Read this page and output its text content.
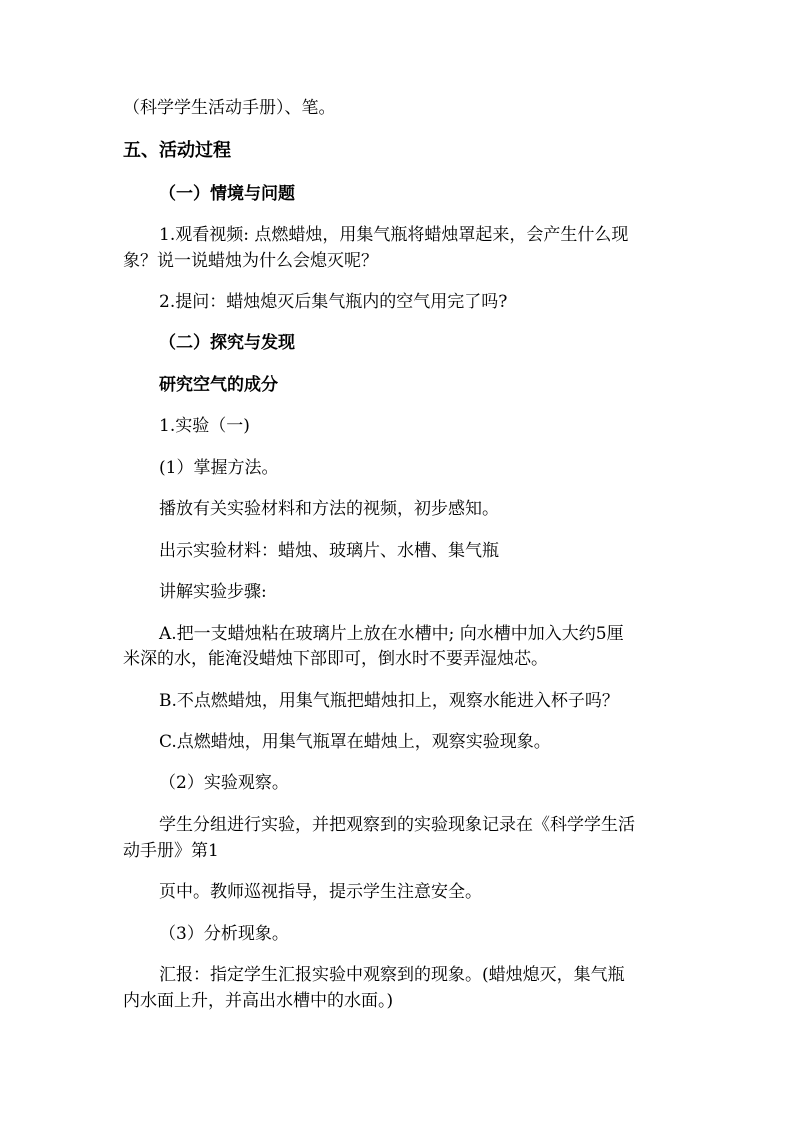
（科学学生活动手册）、笔。
五、活动过程
（一）情境与问题
1.观看视频: 点燃蜡烛，用集气瓶将蜡烛罩起来，会产生什么现
象？说一说蜡烛为什么会熄灭呢？
2.提问：蜡烛熄灭后集气瓶内的空气用完了吗?
（二）探究与发现
研究空气的成分
1.实验（一)
(1）掌握方法。
播放有关实验材料和方法的视频，初步感知。
出示实验材料：蜡烛、玻璃片、水槽、集气瓶
讲解实验步骤:
A.把一支蜡烛粘在玻璃片上放在水槽中; 向水槽中加入大约5厘
米深的水，能淹没蜡烛下部即可，倒水时不要弄湿烛芯。
B.不点燃蜡烛，用集气瓶把蜡烛扣上，观察水能进入杯子吗？
C.点燃蜡烛，用集气瓶罩在蜡烛上，观察实验现象。
（2）实验观察。
学生分组进行实验，并把观察到的实验现象记录在《科学学生活
动手册》第1
页中。教师巡视指导，提示学生注意安全。
（3）分析现象。
汇报：指定学生汇报实验中观察到的现象。(蜡烛熄灭，集气瓶
内水面上升，并高出水槽中的水面。)
